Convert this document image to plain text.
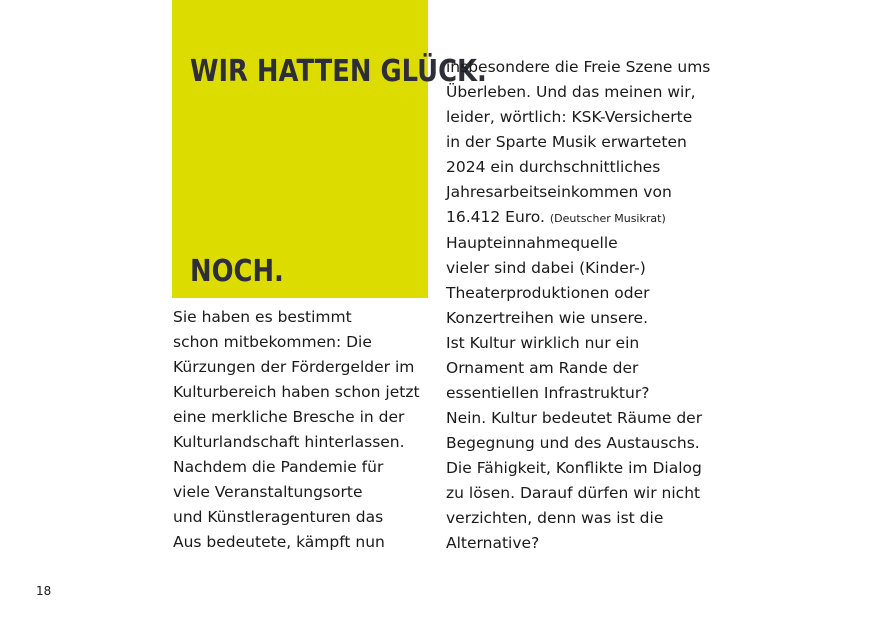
WIR HATTEN GLÜCK.
NOCH.
Sie haben es bestimmt
schon mitbekommen: Die
Kürzungen der Fördergelder im
Kulturbereich haben schon jetzt
eine merkliche Bresche in der
Kulturlandschaft hinterlassen.
Nachdem die Pandemie für
viele Veranstaltungsorte
und Künstleragenturen das
Aus bedeutete, kämpft nun
insbesondere die Freie Szene ums
Überleben. Und das meinen wir,
leider, wörtlich: KSK-Versicherte
in der Sparte Musik erwarteten
2024 ein durchschnittliches
Jahresarbeitseinkommen von
16.412 Euro. (Deutscher Musikrat)
Haupteinnahmequelle
vieler sind dabei (Kinder-)
Theaterproduktionen oder
Konzertreihen wie unsere.
Ist Kultur wirklich nur ein
Ornament am Rande der
essentiellen Infrastruktur?
Nein. Kultur bedeutet Räume der
Begegnung und des Austauschs.
Die Fähigkeit, Konflikte im Dialog
zu lösen. Darauf dürfen wir nicht
verzichten, denn was ist die
Alternative?
18
